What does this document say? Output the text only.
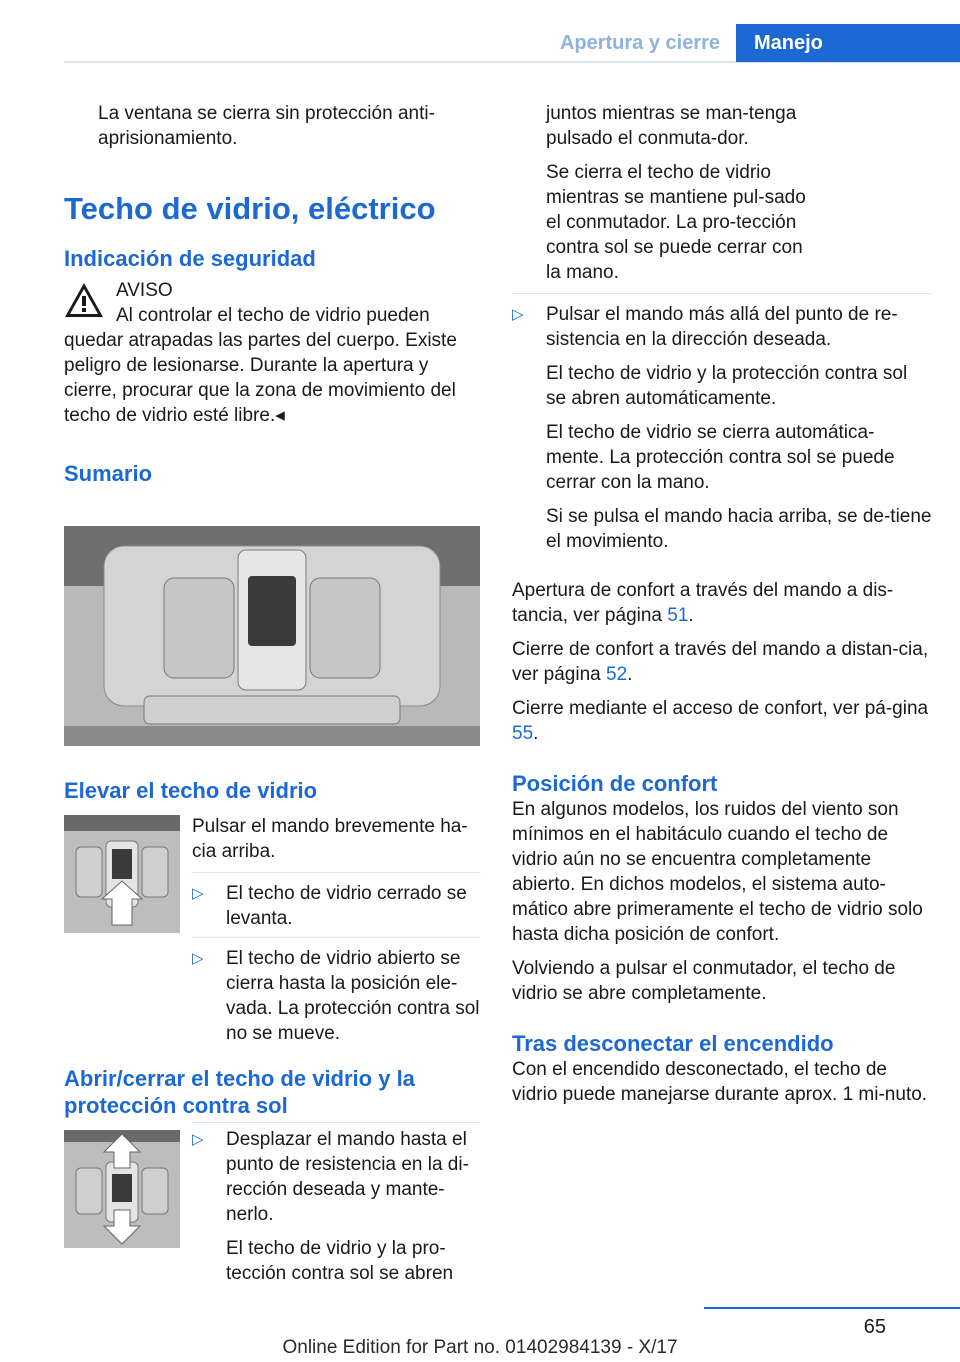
Apertura y cierre	Manejo

La ventana se cierra sin protección anti-aprisionamiento.

Techo de vidrio, eléctrico
Indicación de seguridad

AVISO

Al controlar el techo de vidrio pueden

quedar atrapadas las partes del cuerpo. Existe peligro de lesionarse. Durante la apertura y cierre, procurar que la zona de movimiento del techo de vidrio esté libre.◂

Sumario
Elevar el techo de vidrio

Pulsar el mando brevemente ha-cia arriba.

▷ El techo de vidrio cerrado se levanta.

▷ El techo de vidrio abierto se cierra hasta la posición ele-vada. La protección contra sol no se mueve.

Abrir/cerrar el techo de vidrio y la protección contra sol
▷ Desplazar el mando hasta el punto de resistencia en la di-rección deseada y mante-nerlo.

El techo de vidrio y la pro-tección contra sol se abren

juntos mientras se man-tenga pulsado el conmuta-dor.

Se cierra el techo de vidrio mientras se mantiene pul-sado el conmutador. La pro-tección contra sol se puede cerrar con la mano.

▷ Pulsar el mando más allá del punto de re-sistencia en la dirección deseada.

El techo de vidrio y la protección contra sol se abren automáticamente.

El techo de vidrio se cierra automática-mente. La protección contra sol se puede cerrar con la mano.

Si se pulsa el mando hacia arriba, se de-tiene el movimiento.

Apertura de confort a través del mando a dis-tancia, ver página 51.

Cierre de confort a través del mando a distan-cia, ver página 52.

Cierre mediante el acceso de confort, ver pá-gina 55.

Posición de confort

En algunos modelos, los ruidos del viento son mínimos en el habitáculo cuando el techo de vidrio aún no se encuentra completamente abierto. En dichos modelos, el sistema auto-mático abre primeramente el techo de vidrio solo hasta dicha posición de confort.

Volviendo a pulsar el conmutador, el techo de vidrio se abre completamente.

Tras desconectar el encendido

Con el encendido desconectado, el techo de vidrio puede manejarse durante aprox. 1 mi-nuto.

65
Online Edition for Part no. 01402984139 - X/17
